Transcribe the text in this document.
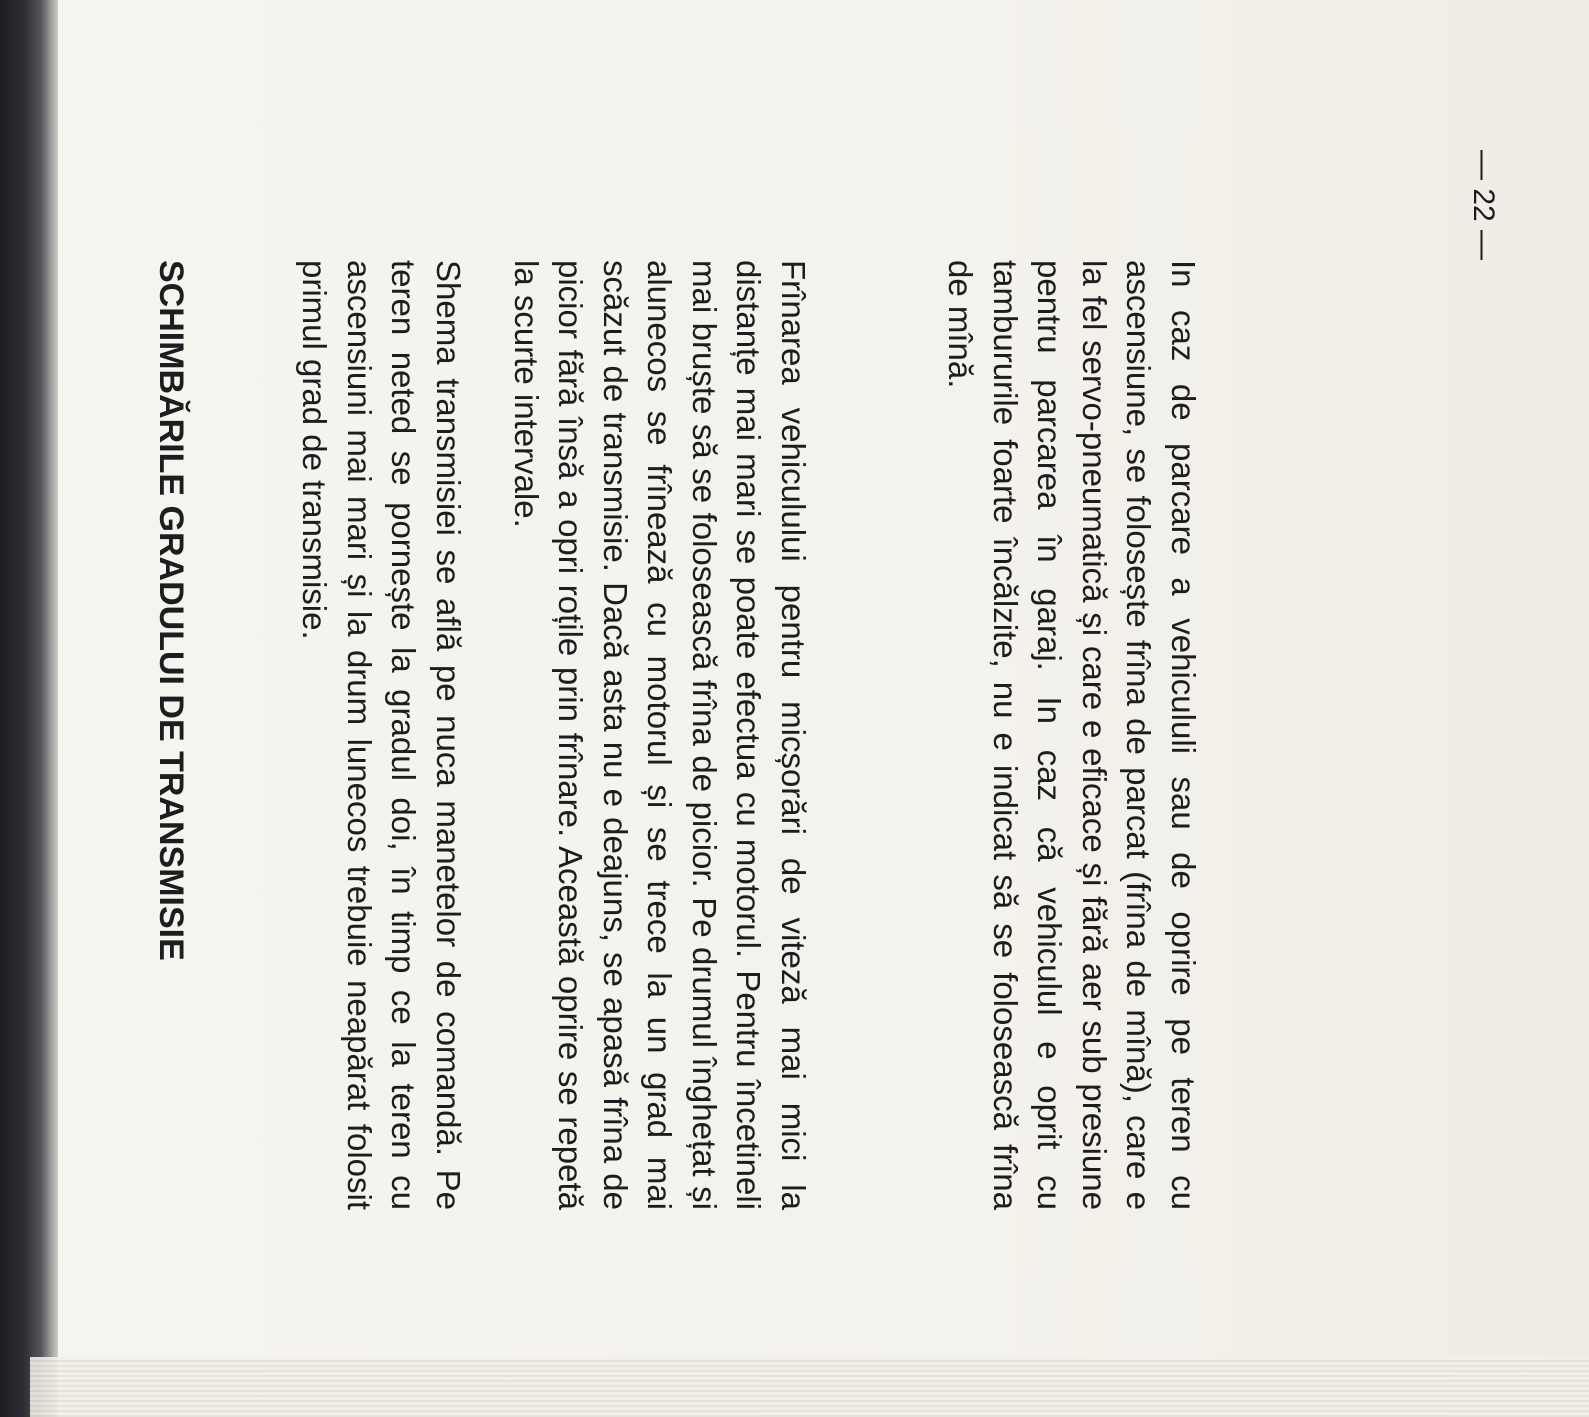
SCHIMBĂRILE GRADULUI DE TRANSMISIE	Shema transmisiei se află pe nuca manetelor de comandă. Pe teren neted se pornește la gradul doi, în timp ce la teren cu ascensiuni mai mari și la drum lunecos trebuie neapărat folosit primul grad de transmisie.	Frînarea vehiculului pentru micșorări de viteză mai mici la distanțe mai mari se poate efectua cu motorul. Pentru încetineli mai bruște să se folosească frîna de picior. Pe drumul înghețat și alunecos se frînează cu motorul și se trece la un grad mai scăzut de transmisie. Dacă asta nu e deajuns, se apasă frîna de picior fără însă a opri roțile prin frînare. Această oprire se repetă la scurte intervale.	In caz de parcare a vehicululi sau de oprire pe teren cu ascensiune, se folosește frîna de parcat (frîna de mînă), care e la fel servo-pneumatică și care e eficace și fără aer sub presiune pentru parcarea în garaj. In caz că vehiculul e oprit cu tambururile foarte încălzite, nu e indicat să se folosească frîna de mînă.

— 22 —
